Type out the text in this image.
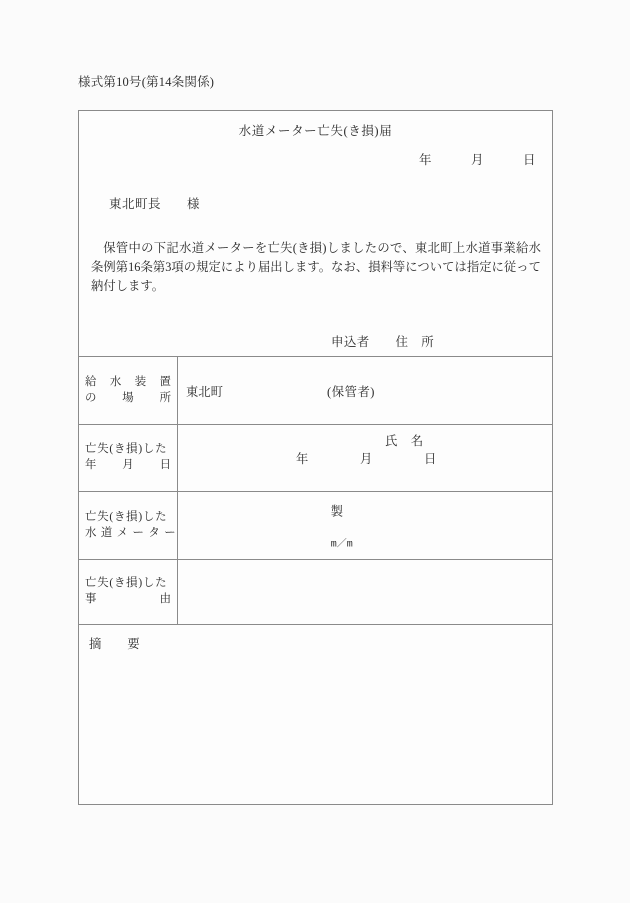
様式第10号(第14条関係)
水道メーター亡失(き損)届
年　　　月　　　日
東北町長　　様
保管中の下記水道メーターを亡失(き損)しましたので、東北町上水道事業給水条例第16条第3項の規定により届出します。なお、損料等については指定に従って納付します。

申込者　　住　所

(保管者)

氏　名

給 水 装 置
の 場 所 東北町
亡失(き損)した
年 月 日	年　　　　月　　　　日
亡失(き損)した
水 道 メ ー タ ー

製

m／m

亡失(き損)した
事	由
摘　　要
